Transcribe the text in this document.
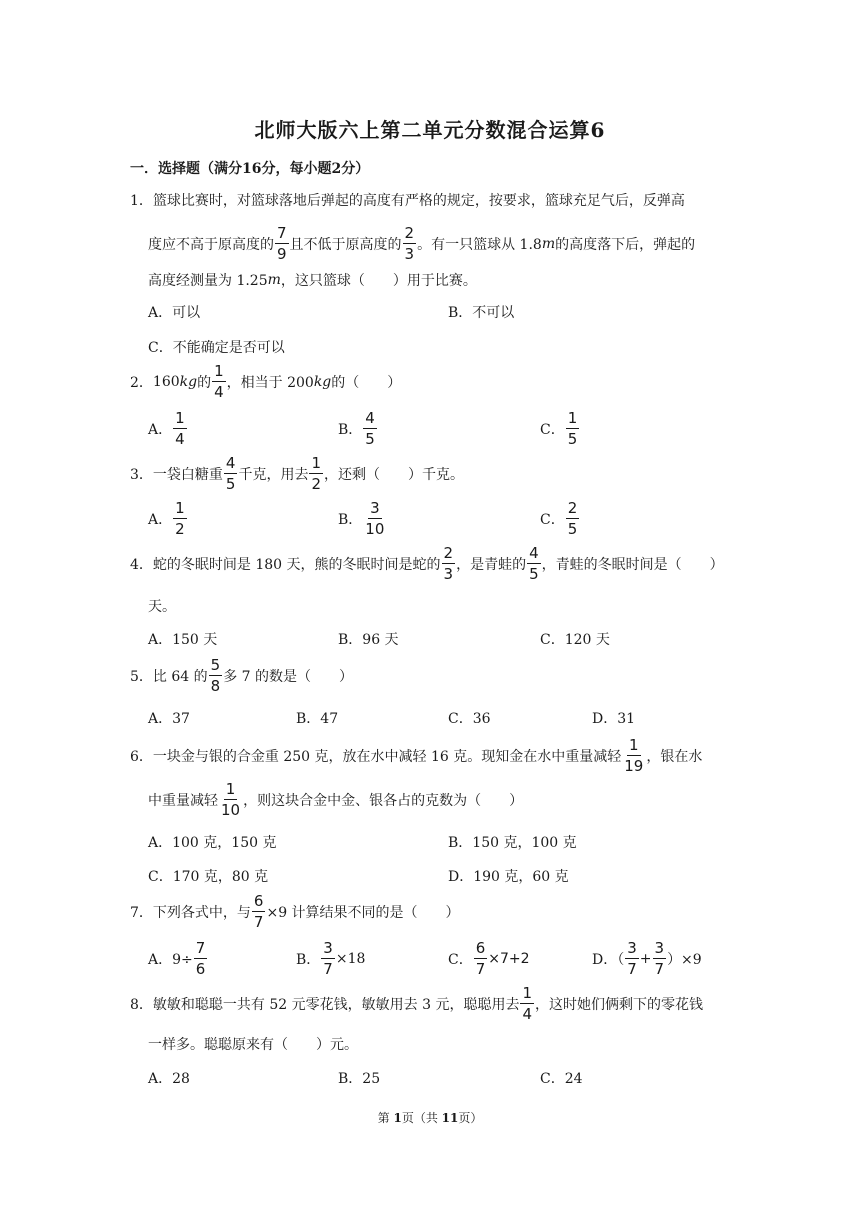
北师大版六上第二单元分数混合运算6
一．选择题（满分16分，每小题2分）
1． 篮球比赛时，对篮球落地后弹起的高度有严格的规定，按要求，篮球充足气后，反弹高
度应不高于原高度的 $\frac{7}{9}$ 且不低于原高度的 $\frac{2}{3}$ 。有一只篮球从 1.8 m 的高度落下后，弹起的
高度经测量为 1.25 m ，这只篮球（　　）用于比赛。
A．可以	B．不可以
C．不能确定是否可以
2． 160 kg 的 $\frac{1}{4}$ ，相当于 200 kg 的（　　）
A． $\frac{1}{4}$	B． $\frac{4}{5}$	C． $\frac{1}{5}$
3． 一袋白糖重 $\frac{4}{5}$ 千克，用去 $\frac{1}{2}$ ，还剩（　　）千克。
A． $\frac{1}{2}$	B． $\frac{3}{10}$	C． $\frac{2}{5}$
4． 蛇的冬眠时间是 180 天，熊的冬眠时间是蛇的 $\frac{2}{3}$ ，是青蛙的 $\frac{4}{5}$ ，青蛙的冬眠时间是（　　）
天。
A．150 天	B．96 天	C．120 天
5． 比 64 的 $\frac{5}{8}$ 多 7 的数是（　　）
A．37	B．47	C．36	D．31
6． 一块金与银的合金重 250 克，放在水中减轻 16 克。现知金在水中重量减轻 $\frac{1}{19}$ ，银在水
中重量减轻 $\frac{1}{10}$ ，则这块合金中金、银各占的克数为（　　）
A．100 克，150 克	B．150 克，100 克
C．170 克，80 克	D．190 克，60 克
7． 下列各式中，与 $\frac{6}{7} \times 9$ 计算结果不同的是（　　）
A．$9\div \frac{7}{6}$	B． $\frac{3}{7} \times 18$	C． $\frac{6}{7} \times 7+2$	D．（ $\frac{3}{7} + \frac{3}{7} )\times 9$
8． 敏敏和聪聪一共有 52 元零花钱，敏敏用去 3 元，聪聪用去 $\frac{1}{4}$ ，这时她们俩剩下的零花钱
一样多。聪聪原来有（　　）元。
A．28	B．25	C．24
第 1页（共 11页）
